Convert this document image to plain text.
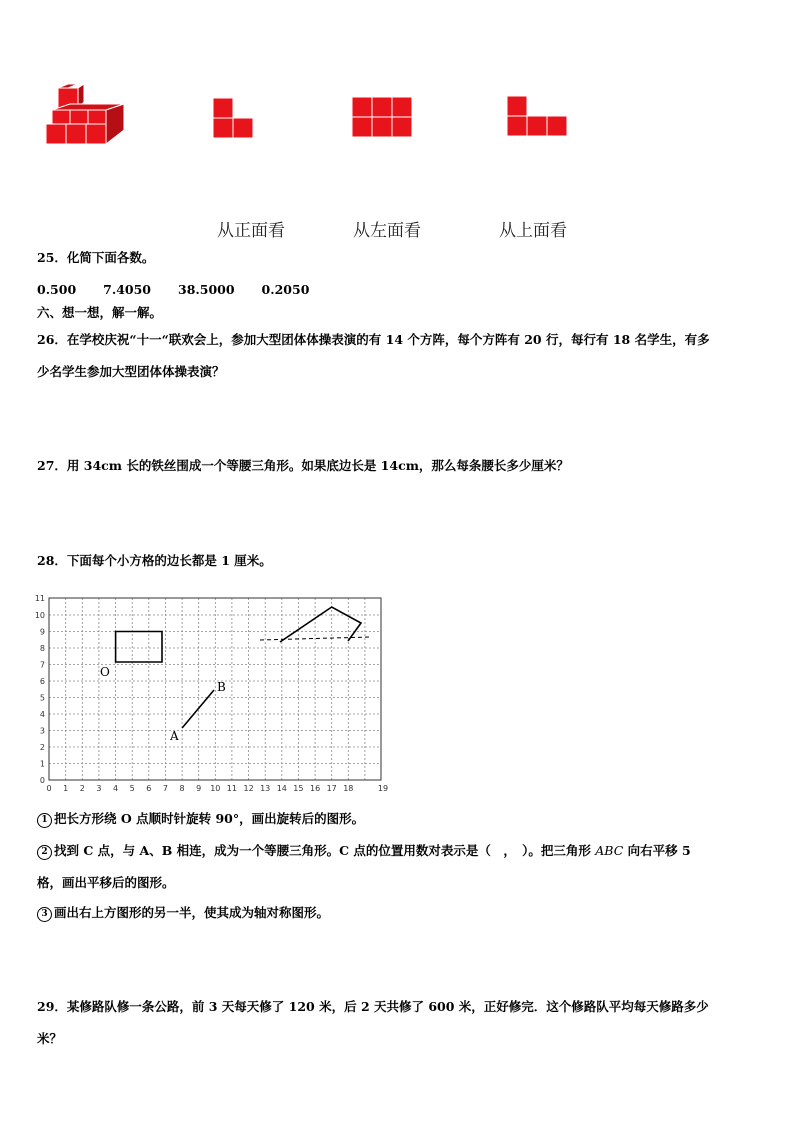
从正面看	从左面看	从上面看
25．化简下面各数。
0.500 7.4050 38.5000 0.2050
六、想一想，解一解。
26．在学校庆祝“十一“联欢会上，参加大型团体体操表演的有 14 个方阵，每个方阵有 20 行，每行有 18 名学生，有多
少名学生参加大型团体体操表演？
27．用 34cm 长的铁丝围成一个等腰三角形。如果底边长是 14cm，那么每条腰长多少厘米？
28．下面每个小方格的边长都是 1 厘米。
0 1 2 3 4 5 6 7 8 9 10 11 12 13 14 15 16 17 18	19
0
1
2
3
4
5
6
7
8
9
10
11
O
A
B
1 把长方形绕 O 点顺时针旋转 90°，画出旋转后的图形。
2 找到 C 点，与 A、B 相连，成为一个等腰三角形。C 点的位置用数对表示是（　，　）。把三角形 ABC 向右平移 5
格，画出平移后的图形。
3 画出右上方图形的另一半，使其成为轴对称图形。
29．某修路队修一条公路，前 3 天每天修了 120 米，后 2 天共修了 600 米，正好修完．这个修路队平均每天修路多少
米？
